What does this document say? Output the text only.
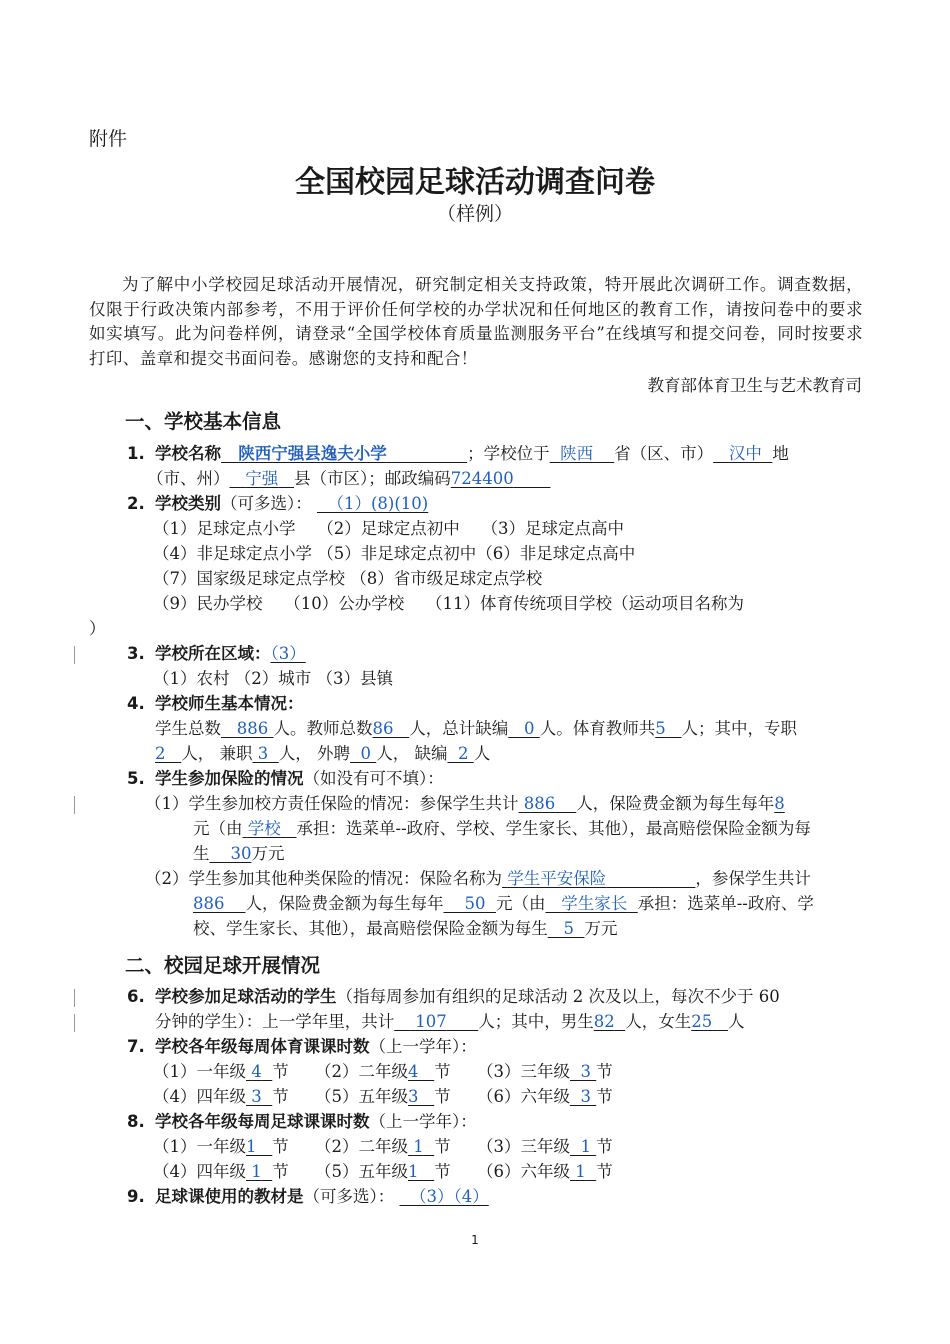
附件
全国校园足球活动调查问卷
（样例）
为了解中小学校园足球活动开展情况，研究制定相关支持政策，特开展此次调研工作。调查数据，仅限于行政决策内部参考，不用于评价任何学校的办学状况和任何地区的教育工作，请按问卷中的要求如实填写。此为问卷样例，请登录“全国学校体育质量监测服务平台”在线填写和提交问卷，同时按要求打印、盖章和提交书面问卷。感谢您的支持和配合！
教育部体育卫生与艺术教育司
一、学校基本信息
1. 学校名称 陕西宁强县逸夫小学	；学校位于 陕西 省（区、市） 汉中 地
（市、州） 宁强 县（市区）；邮政编码724400
2. 学校类别（可多选）： （1）(8)(10)
（1）足球定点小学　 （2）足球定点初中　 （3）足球定点高中
（4）非足球定点小学 （5）非足球定点初中（6）非足球定点高中
（7）国家级足球定点学校 （8）省市级足球定点学校
（9）民办学校　 （10）公办学校　 （11）体育传统项目学校（运动项目名称为
）
3. 学校所在区域：（3）
（1）农村 （2）城市 （3）县镇
4. 学校师生基本情况：
学生总数 886 人。教师总数86 人，总计缺编 0 人。体育教师共5 人；其中，专职
2 人， 兼职 3 人， 外聘 0 人， 缺编 2 人
5. 学生参加保险的情况（如没有可不填）：
（1）学生参加校方责任保险的情况：参保学生共计 886 人，保险费金额为每生每年8
元（由 学校 承担：选菜单--政府、学校、学生家长、其他），最高赔偿保险金额为每
生 30万元
（2）学生参加其他种类保险的情况：保险名称为 学生平安保险	，参保学生共计
886 人，保险费金额为每生每年 50 元（由 学生家长 承担：选菜单--政府、学
校、学生家长、其他），最高赔偿保险金额为每生 5 万元
二、校园足球开展情况
6. 学校参加足球活动的学生（指每周参加有组织的足球活动 2 次及以上，每次不少于 60
分钟的学生）：上一学年里，共计 107 人；其中，男生82 人，女生25 人
7. 学校各年级每周体育课课时数（上一学年）：
（1）一年级 4 节 （2）二年级4 节 （3）三年级 3 节
（4）四年级 3 节 （5）五年级3 节 （6）六年级 3 节
8. 学校各年级每周足球课课时数（上一学年）：
（1）一年级1 节 （2）二年级 1 节 （3）三年级 1 节
（4）四年级 1 节 （5）五年级1 节 （6）六年级 1 节
9. 足球课使用的教材是（可多选）： （3）（4）
1
